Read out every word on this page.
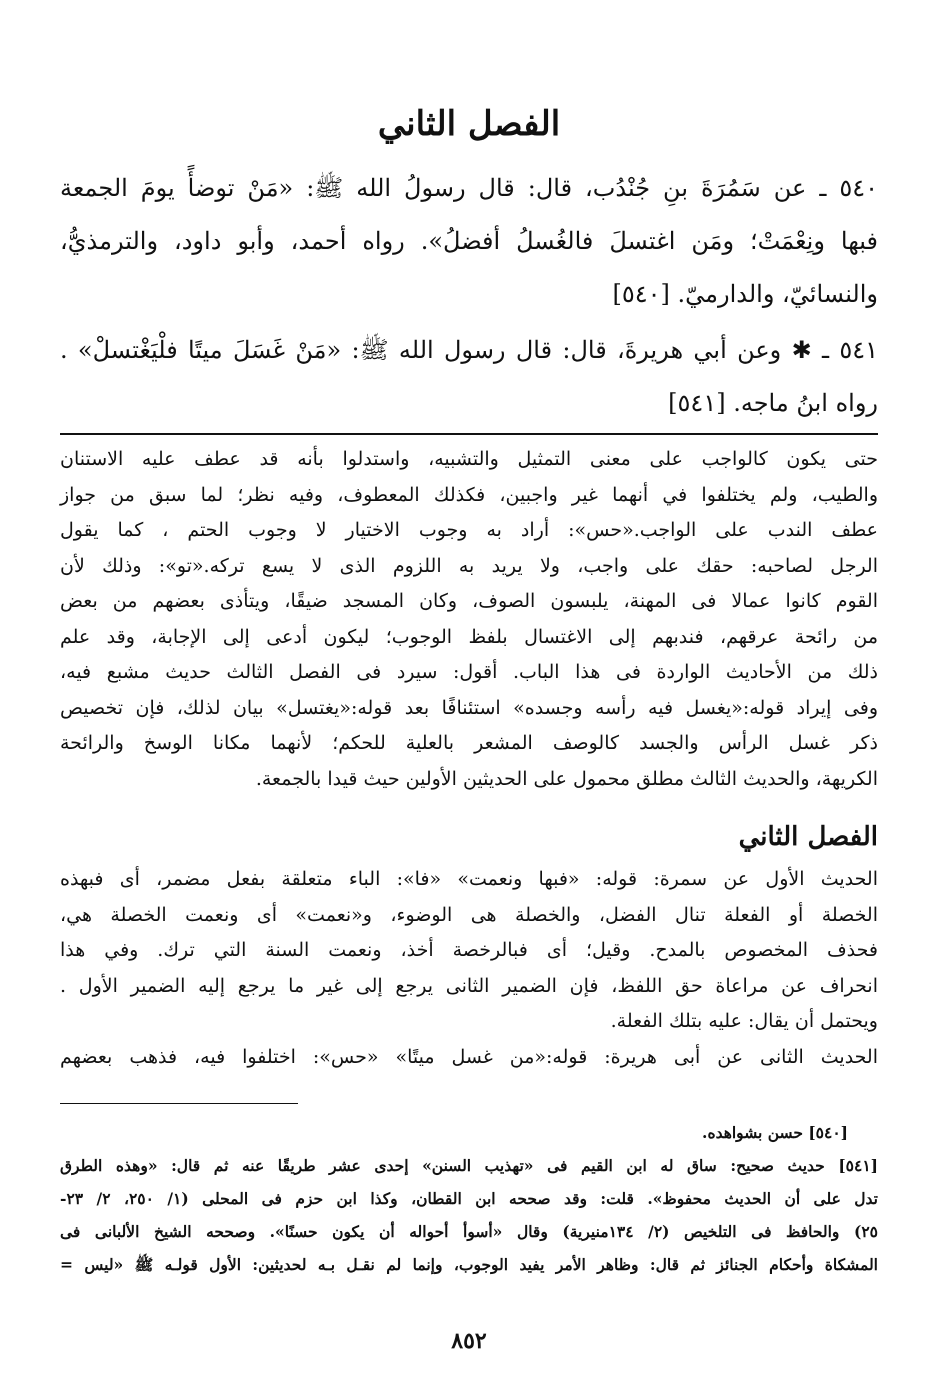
الفصل الثاني

٥٤٠ ـ عن سَمُرَةَ بنِ جُنْدُب، قال: قال رسولُ الله ﷺ: «مَنْ توضأً يومَ الجمعة
فبها ونِعْمَتْ؛ ومَن اغتسلَ فالغُسلُ أفضلُ». رواه أحمد، وأبو داود، والترمذيُّ،
والنسائيّ، والدارميّ. [٥٤٠]

٥٤١ ـ ✱ وعن أبي هريرةَ، قال: قال رسول الله ﷺ: «مَنْ غَسَلَ ميتًا فلْيَغْتسلْ» .
رواه ابنُ ماجه. [٥٤١]

حتى يكون كالواجب على معنى التمثيل والتشبيه، واستدلوا بأنه قد عطف عليه الاستنان
والطيب، ولم يختلفوا في أنهما غير واجبين، فكذلك المعطوف، وفيه نظر؛ لما سبق من جواز
عطف الندب على الواجب.«حس»: أراد به وجوب الاختيار لا وجوب الحتم ، كما يقول
الرجل لصاحبه: حقك على واجب، ولا يريد به اللزوم الذى لا يسع تركه.«تو»: وذلك لأن
القوم كانوا عمالا فى المهنة، يلبسون الصوف، وكان المسجد ضيقًا، ويتأذى بعضهم من بعض
من رائحة عرقهم، فندبهم إلى الاغتسال بلفظ الوجوب؛ ليكون أدعى إلى الإجابة، وقد علم
ذلك من الأحاديث الواردة فى هذا الباب. أقول: سيرد فى الفصل الثالث حديث مشبع فيه،
وفى إيراد قوله:«يغسل فيه رأسه وجسده» استئنافًا بعد قوله:«يغتسل» بيان لذلك، فإن تخصيص
ذكر غسل الرأس والجسد كالوصف المشعر بالعلية للحكم؛ لأنهما مكانا الوسخ والرائحة
الكريهة، والحديث الثالث مطلق محمول على الحديثين الأولين حيث قيدا بالجمعة.

الفصل الثاني

الحديث الأول عن سمرة: قوله: «فبها ونعمت» «فا»: الباء متعلقة بفعل مضمر، أى فبهذه
الخصلة أو الفعلة تنال الفضل، والخصلة هى الوضوء، و«نعمت» أى ونعمت الخصلة هي،
فحذف المخصوص بالمدح. وقيل؛ أى فبالرخصة أخذ، ونعمت السنة التي ترك. وفي هذا
انحراف عن مراعاة حق اللفظ، فإن الضمير الثانى يرجع إلى غير ما يرجع إليه الضمير الأول .
ويحتمل أن يقال: عليه بتلك الفعلة.
الحديث الثانى عن أبى هريرة: قوله:«من غسل ميتًا» «حس»: اختلفوا فيه، فذهب بعضهم

[٥٤٠] حسن بشواهده.
[٥٤١] حديث صحيح: ساق له ابن القيم فى «تهذيب السنن» إحدى عشر طريقًا عنه ثم قال: «وهذه الطرق
تدل على أن الحديث محفوظ». قلت: وقد صححه ابن القطان، وكذا ابن حزم فى المحلى (١/ ٢٥٠، ٢/ ٢٣-
٢٥) والحافظ فى التلخيص (٢/ ١٣٤منيرية) وقال «أسوأ أحواله أن يكون حسنًا». وصححه الشيخ الألبانى فى
المشكاة وأحكام الجنائز ثم قال: وظاهر الأمر يفيد الوجوب، وإنما لم نقـل بـه لحديثين: الأول قولـه ﷺ «ليس =

٨٥٢
